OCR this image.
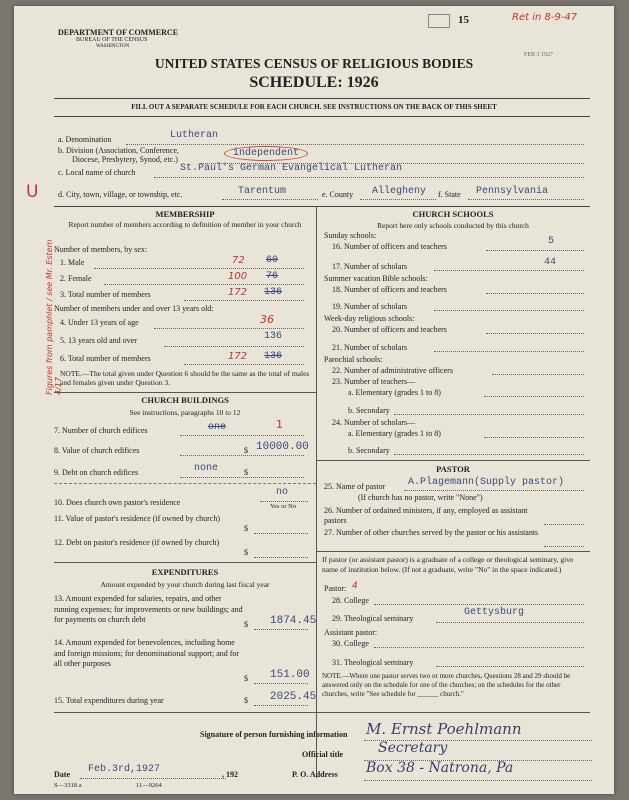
DEPARTMENT OF COMMERCE
BUREAU OF THE CENSUS
WASHINGTON
15	Ret in 8-9-47
FEB 3 1927
UNITED STATES CENSUS OF RELIGIOUS BODIES
SCHEDULE: 1926
FILL OUT A SEPARATE SCHEDULE FOR EACH CHURCH. SEE INSTRUCTIONS ON THE BACK OF THIS SHEET
U
Figures from pamphlet / see Mr. Estem 4/17
a. Denomination	Lutheran
b. Division (Association, Conference,
Diocese, Presbytery, Synod, etc.)
independent
c. Local name of church	St.Paul's German Evangelical Lutheran
d. City, town, village, or township, etc.	Tarentum	e. County Allegheny f. State Pennsylvania
MEMBERSHIP
Report number of members according to definition of member in your church
Number of members, by sex:
1. Male	72 60
2. Female	100 76
3. Total number of members	172 136
Number of members under and over 13 years old:
4. Under 13 years of age	36
5. 13 years old and over	136
6. Total number of members	172 136
NOTE.—The total given under Question 6 should be the same as the total of males and females given under Question 3.
CHURCH BUILDINGS
See instructions, paragraphs 10 to 12
7. Number of church edifices	one	1
8. Value of church edifices	$ 10000.00
9. Debt on church edifices	none	$
10. Does church own pastor's residence
no
Yes or No
11. Value of pastor's residence (if owned by church)
$
12. Debt on pastor's residence (if owned by church)
$
EXPENDITURES
Amount expended by your church during last fiscal year
13. Amount expended for salaries, repairs, and other running expenses; for improvements or new buildings; and for payments on church debt
$ 1874.45
14. Amount expended for benevolences, including home and foreign missions; for denominational support; and for all other purposes
$ 151.00
15. Total expenditures during year	$ 2025.45
CHURCH SCHOOLS
Report here only schools conducted by this church
Sunday schools:
16. Number of officers and teachers	5
17. Number of scholars	44
Summer vacation Bible schools:
18. Number of officers and teachers
19. Number of scholars
Week-day religious schools:
20. Number of officers and teachers
21. Number of scholars
Parochial schools:
22. Number of administrative officers
23. Number of teachers—
a. Elementary (grades 1 to 8)
b. Secondary
24. Number of scholars—
a. Elementary (grades 1 to 8)
b. Secondary
PASTOR
25. Name of pastor A.Plagemann(Supply pastor)
(If church has no pastor, write "None")
26. Number of ordained ministers, if any, employed as assistant pastors
27. Number of other churches served by the pastor or his assistants
If pastor (or assistant pastor) is a graduate of a college or theological seminary, give name of institution below. (If not a graduate, write "No" in the space indicated.)
Pastor: 4
28. College
29. Theological seminary
Gettysburg
Assistant pastor:
30. College
31. Theological seminary
NOTE.—Where one pastor serves two or more churches, Questions 28 and 29 should be answered only on the schedule for one of the churches; on the schedules for the other churches, write "See schedule for ______ church."
Signature of person furnishing information M. Ernst Poehlmann
Official title Secretary
Date Feb.3rd,1927	, 192	P. O. Address Box 38 - Natrona, Pa
S—3318 a	11—9264
